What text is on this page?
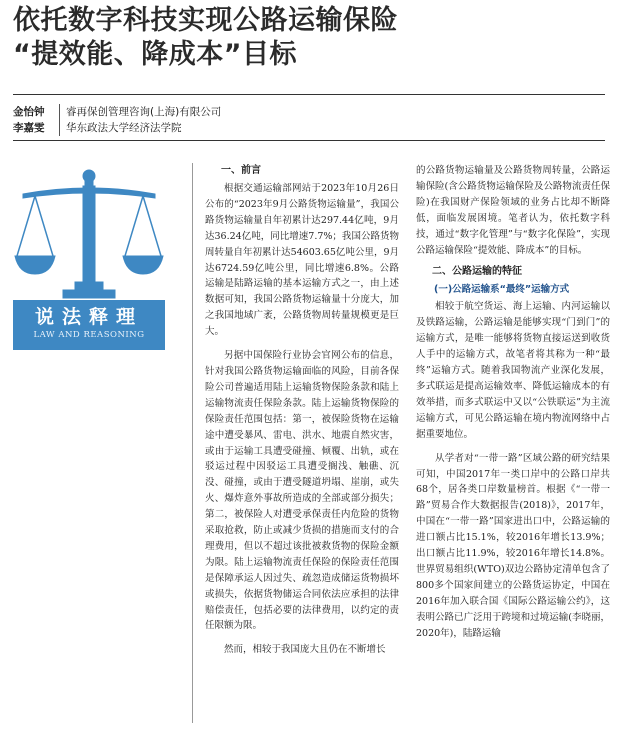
依托数字科技实现公路运输保险
“提效能、降成本”目标
金怡钟	睿再保创管理咨询(上海)有限公司
李嘉雯	华东政法大学经济法学院
说法释理
LAW AND REASONING
一、前言

根据交通运输部网站于2023年10月26日公布的“2023年9月公路货物运输量”，我国公路货物运输量自年初累计达297.44亿吨，9月达36.24亿吨，同比增速7.7%；我国公路货物周转量自年初累计达54603.65亿吨公里，9月达6724.59亿吨公里，同比增速6.8%。公路运输是陆路运输的基本运输方式之一，由上述数据可知，我国公路货物运输量十分庞大，加之我国地域广袤，公路货物周转量规模更是巨大。

另据中国保险行业协会官网公布的信息，针对我国公路货物运输面临的风险，目前各保险公司普遍适用陆上运输货物保险条款和陆上运输物流责任保险条款。陆上运输货物保险的保险责任范围包括：第一，被保险货物在运输途中遭受暴风、雷电、洪水、地震自然灾害，或由于运输工具遭受碰撞、倾覆、出轨，或在驳运过程中因驳运工具遭受搁浅、触礁、沉没、碰撞，或由于遭受隧道坍塌、崖崩，或失火、爆炸意外事故所造成的全部或部分损失；第二，被保险人对遭受承保责任内危险的货物采取抢救，防止或减少货损的措施而支付的合理费用，但以不超过该批被救货物的保险金额为限。陆上运输物流责任保险的保险责任范围是保障承运人因过失、疏忽造成储运货物损坏或损失，依据货物储运合同依法应承担的法律赔偿责任，包括必要的法律费用，以约定的责任限额为限。

然而，相较于我国庞大且仍在不断增长

的公路货物运输量及公路货物周转量，公路运输保险(含公路货物运输保险及公路物流责任保险)在我国财产保险领域的业务占比却不断降低，面临发展困境。笔者认为，依托数字科技，通过“数字化管理”与“数字化保险”，实现公路运输保险“提效能、降成本”的目标。

二、公路运输的特征
(一)公路运输系“最终”运输方式

相较于航空货运、海上运输、内河运输以及铁路运输，公路运输是能够实现“门到门”的运输方式，是唯一能够将货物直接运送到收货人手中的运输方式，故笔者将其称为一种“最终”运输方式。随着我国物流产业深化发展，多式联运是提高运输效率、降低运输成本的有效举措，而多式联运中又以“公铁联运”为主流运输方式，可见公路运输在境内物流网络中占据重要地位。

从学者对“一带一路”区域公路的研究结果可知，中国2017年一类口岸中的公路口岸共68个，居各类口岸数量榜首。根据《“一带一路”贸易合作大数据报告(2018)》，2017年，中国在“一带一路”国家进出口中，公路运输的进口额占比15.1%，较2016年增长13.9%；出口额占比11.9%，较2016年增长14.8%。世界贸易组织(WTO)双边公路协定清单包含了800多个国家间建立的公路货运协定，中国在2016年加入联合国《国际公路运输公约》，这表明公路已广泛用于跨境和过境运输(李晓丽，2020年)，陆路运输
